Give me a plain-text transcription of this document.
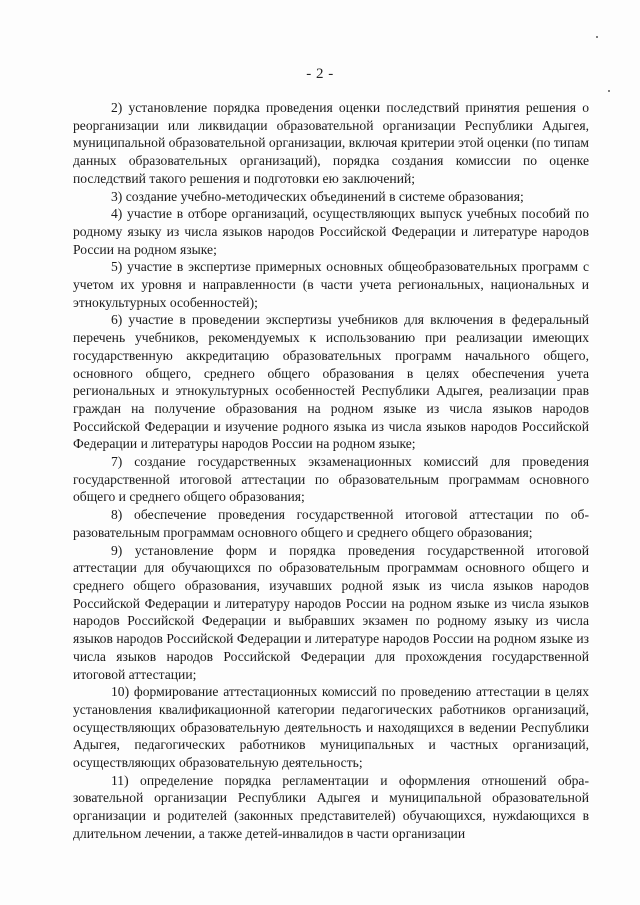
- 2 -

2) установление порядка проведения оценки последствий принятия решения о реорганизации или ликвидации образовательной организации Республики Адыгея, муниципальной образовательной организации, включая критерии этой оценки (по типам данных образовательных организаций), порядка создания комиссии по оценке последствий такого решения и подготовки ею заключений;

3) создание учебно-методических объединений в системе образования;

4) участие в отборе организаций, осуществляющих выпуск учебных пособий по родному языку из числа языков народов Российской Федерации и литературе народов России на родном языке;

5) участие в экспертизе примерных основных общеобразовательных программ с учетом их уровня и направленности (в части учета региональных, национальных и этнокультурных особенностей);

6) участие в проведении экспертизы учебников для включения в федеральный перечень учебников, рекомендуемых к использованию при реализации имеющих государственную аккредитацию образовательных программ начального общего, основного общего, среднего общего образования в целях обеспечения учета региональных и этнокультурных особенностей Республики Адыгея, реализации прав граждан на получение образования на родном языке из числа языков народов Российской Федерации и изучение родного языка из числа языков народов Российской Федерации и литературы народов России на родном языке;

7) создание государственных экзаменационных комиссий для проведения государственной итоговой аттестации по образовательным программам основного общего и среднего общего образования;

8) обеспечение проведения государственной итоговой аттестации по образовательным программам основного общего и среднего общего образования;

9) установление форм и порядка проведения государственной итоговой аттестации для обучающихся по образовательным программам основного общего и среднего общего образования, изучавших родной язык из числа языков народов Российской Федерации и литературу народов России на родном языке из числа языков народов Российской Федерации и выбравших экзамен по родному языку из числа языков народов Российской Федерации и литературе народов России на родном языке из числа языков народов Российской Федерации для прохождения государственной итоговой аттестации;

10) формирование аттестационных комиссий по проведению аттестации в целях установления квалификационной категории педагогических работников организаций, осуществляющих образовательную деятельность и находящихся в ведении Республики Адыгея, педагогических работников муниципальных и частных организаций, осуществляющих образовательную деятельность;

11) определение порядка регламентации и оформления отношений образовательной организации Республики Адыгея и муниципальной образовательной организации и родителей (законных представителей) обучающихся, нужdающихся в длительном лечении, а также детей-инвалидов в части организации
